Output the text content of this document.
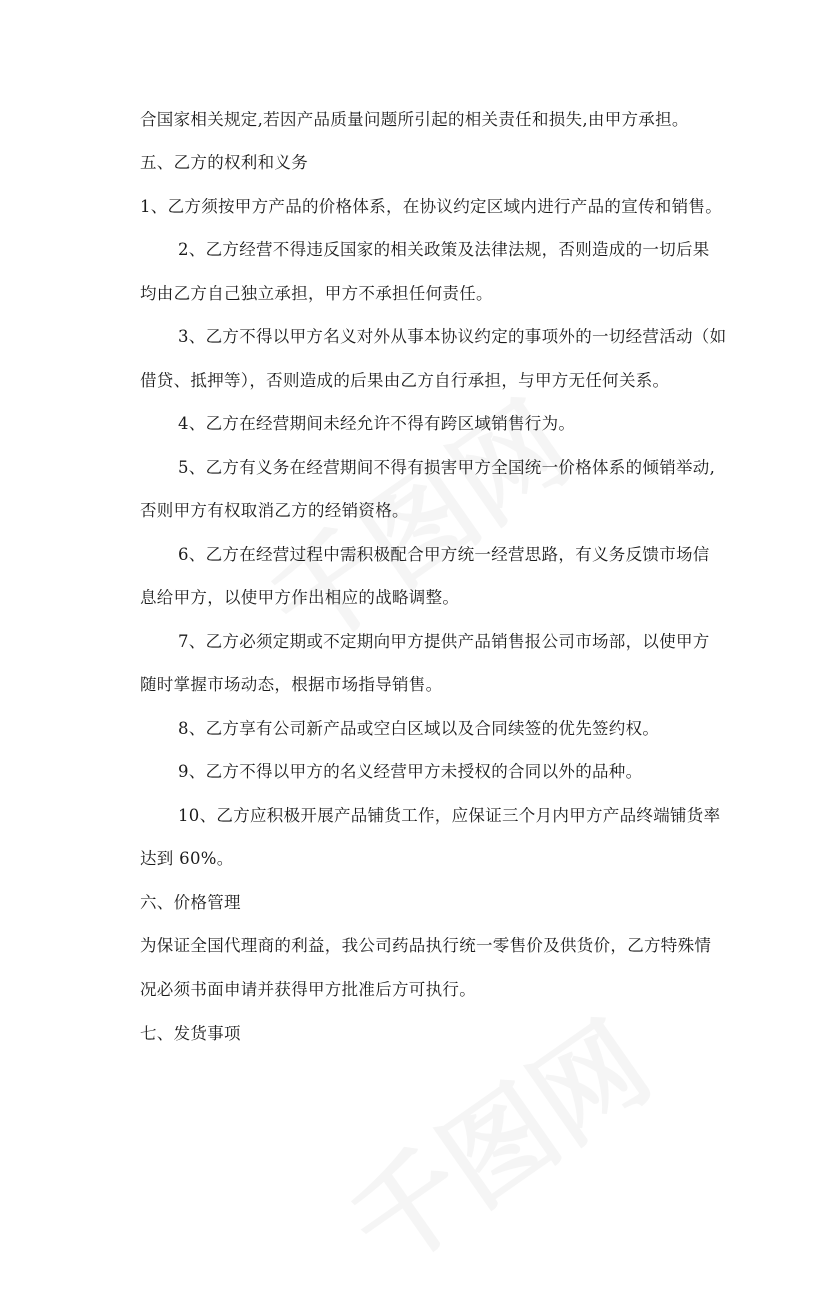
合国家相关规定,若因产品质量问题所引起的相关责任和损失,由甲方承担。

五、乙方的权利和义务

1、乙方须按甲方产品的价格体系，在协议约定区域内进行产品的宣传和销售。

2、乙方经营不得违反国家的相关政策及法律法规，否则造成的一切后果

均由乙方自己独立承担，甲方不承担任何责任。

3、乙方不得以甲方名义对外从事本协议约定的事项外的一切经营活动（如

借贷、抵押等），否则造成的后果由乙方自行承担，与甲方无任何关系。

4、乙方在经营期间未经允许不得有跨区域销售行为。

5、乙方有义务在经营期间不得有损害甲方全国统一价格体系的倾销举动,

否则甲方有权取消乙方的经销资格。

6、乙方在经营过程中需积极配合甲方统一经营思路，有义务反馈市场信

息给甲方，以使甲方作出相应的战略调整。

7、乙方必须定期或不定期向甲方提供产品销售报公司市场部，以使甲方

随时掌握市场动态，根据市场指导销售。

8、乙方享有公司新产品或空白区域以及合同续签的优先签约权。

9、乙方不得以甲方的名义经营甲方未授权的合同以外的品种。

10、乙方应积极开展产品铺货工作，应保证三个月内甲方产品终端铺货率

达到 60%。

六、价格管理

为保证全国代理商的利益，我公司药品执行统一零售价及供货价，乙方特殊情

况必须书面申请并获得甲方批准后方可执行。

七、发货事项
